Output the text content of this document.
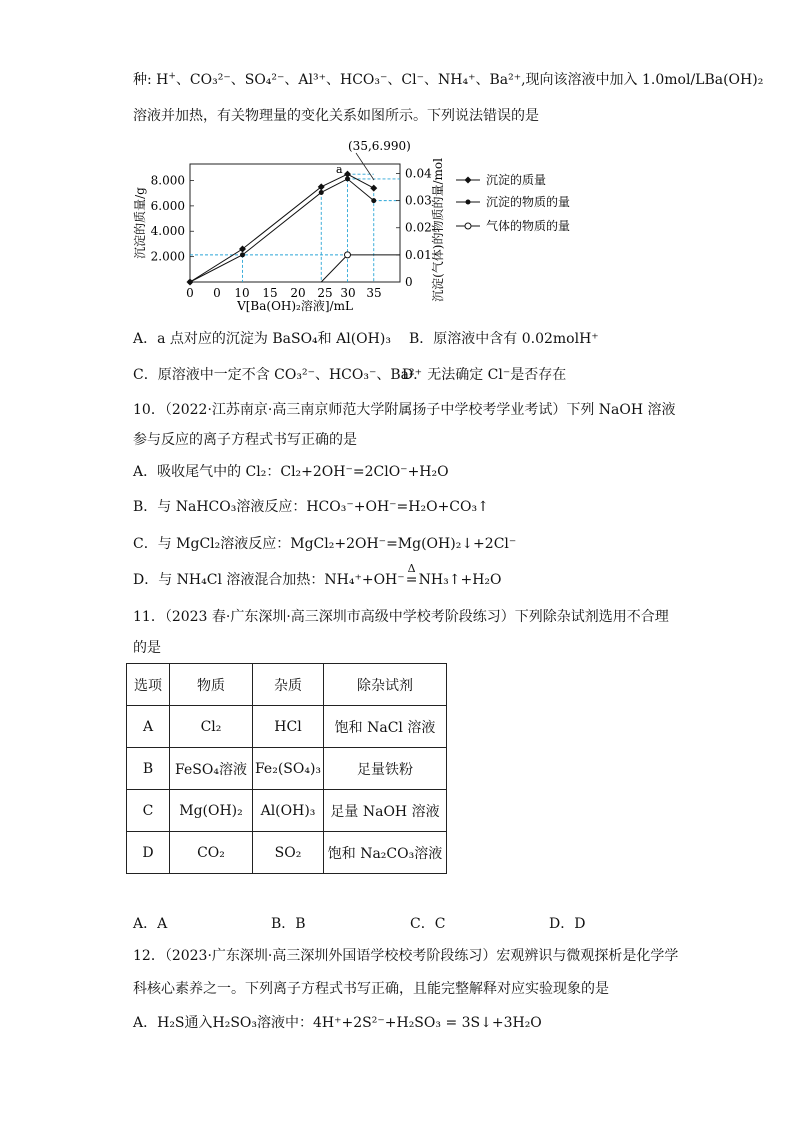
种: H+、CO₃²⁻、SO₄²⁻、Al³⁺、HCO₃⁻、Cl⁻、NH₄⁺、Ba²⁺,现向该溶液中加入 1.0mol/LBa(OH)₂
溶液并加热，有关物理量的变化关系如图所示。下列说法错误的是
0 0 10 15 20 25 30 35
2.000
4.000
6.000
8.000
0
0.01
0.02
0.03
0.04
(35,6.990)
a
V[Ba(OH)₂溶液]/mL
沉淀的质量/g	沉淀(气体)的物质的量/mol	沉淀的质量
沉淀的物质的量
气体的物质的量
A．a 点对应的沉淀为 BaSO₄和 Al(OH)₃ B．原溶液中含有 0.02molH⁺
C．原溶液中一定不含 CO₃²⁻、HCO₃⁻、Ba²⁺
D．无法确定 Cl⁻是否存在
10．（2022·江苏南京·高三南京师范大学附属扬子中学校考学业考试）下列 NaOH 溶液
参与反应的离子方程式书写正确的是
A．吸收尾气中的 Cl₂：Cl₂+2OH⁻=2ClO⁻+H₂O
B．与 NaHCO₃溶液反应：HCO₃⁻+OH⁻=H₂O+CO₃↑
C．与 MgCl₂溶液反应：MgCl₂+2OH⁻=Mg(OH)₂↓+2Cl⁻
D．与 NH₄Cl 溶液混合加热：NH₄⁺+OH⁻
Δ
=NH₃↑+H₂O
11．（2023 春·广东深圳·高三深圳市高级中学校考阶段练习）下列除杂试剂选用不合理
的是
选项	物质	杂质	除杂试剂
A	Cl₂	HCl	饱和 NaCl 溶液
B	FeSO₄溶液	Fe₂(SO₄)₃	足量铁粉
C	Mg(OH)₂	Al(OH)₃	足量 NaOH 溶液
D	CO₂	SO₂	饱和 Na₂CO₃溶液
A．A	B．B	C．C	D．D
12．（2023·广东深圳·高三深圳外国语学校校考阶段练习）宏观辨识与微观探析是化学学
科核心素养之一。下列离子方程式书写正确，且能完整解释对应实验现象的是
A．H₂S通入H₂SO₃溶液中：4H⁺+2S²⁻+H₂SO₃ = 3S↓+3H₂O
